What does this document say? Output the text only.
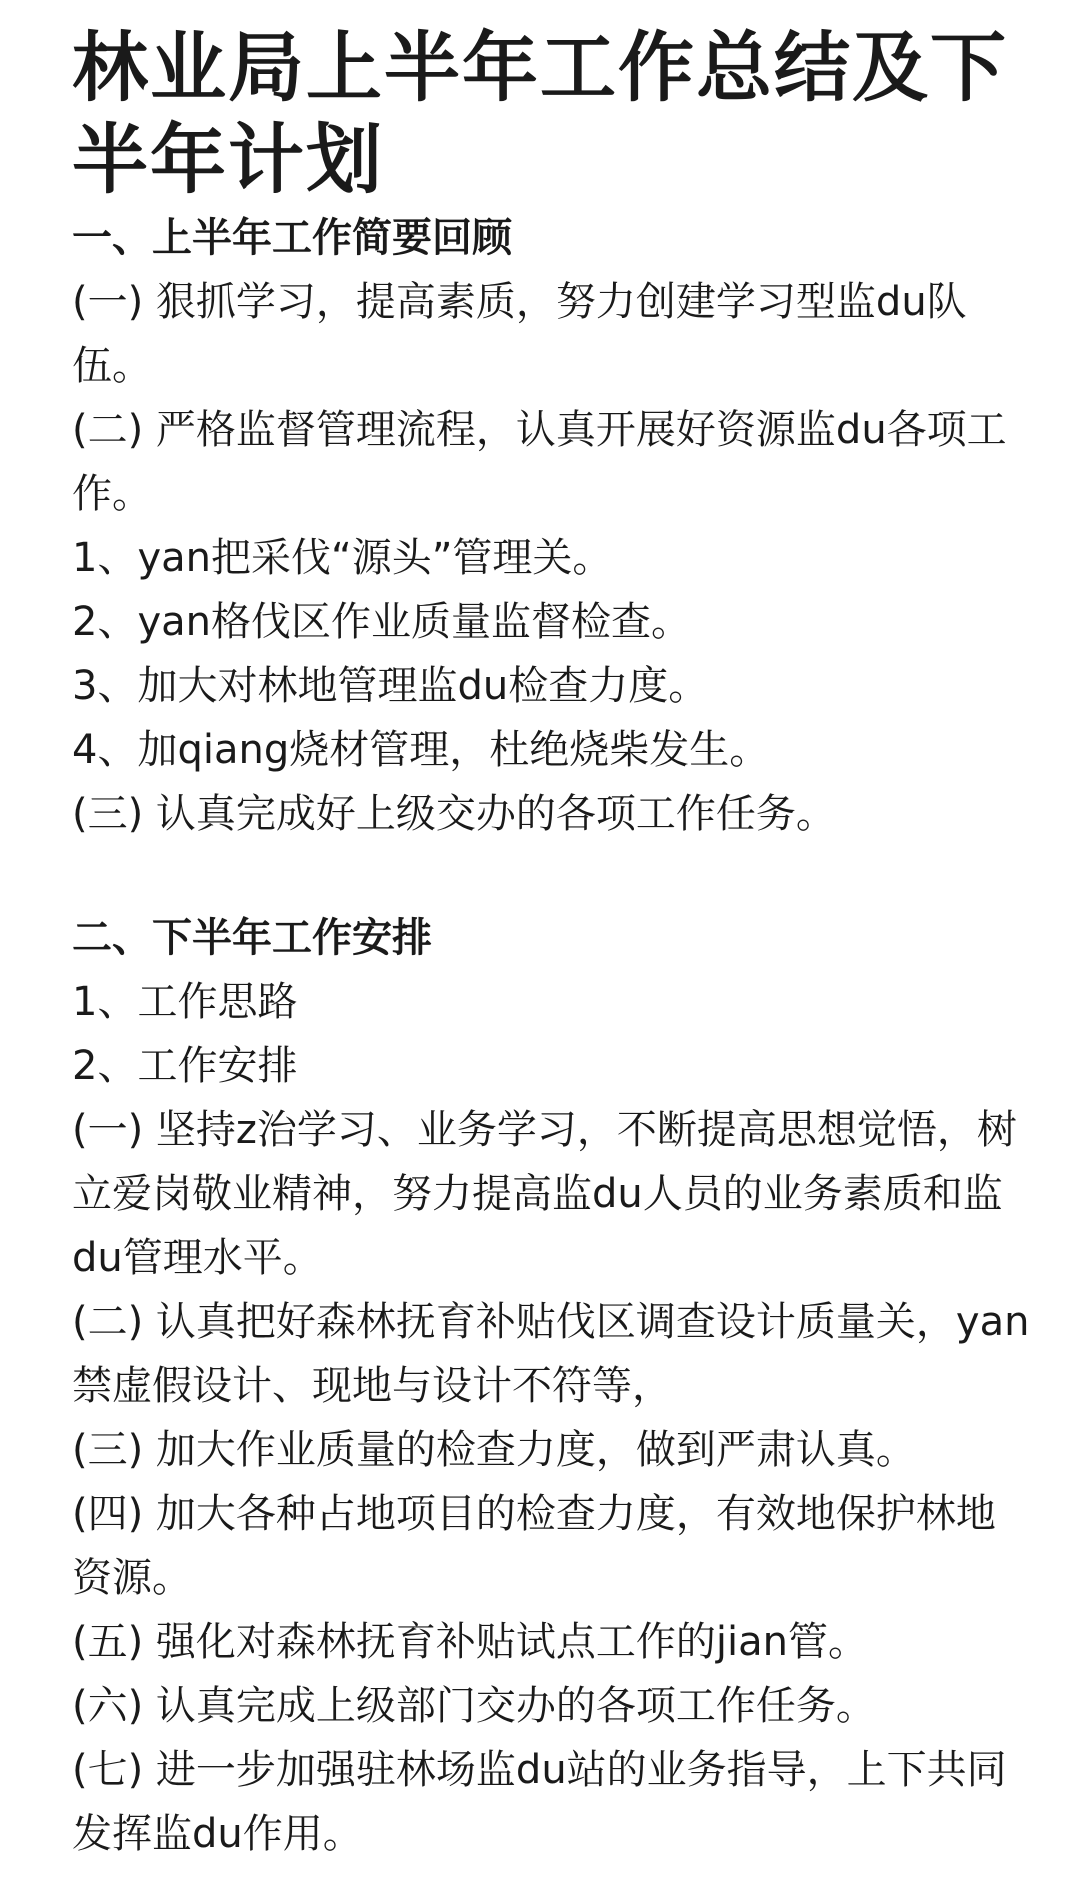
林业局上半年工作总结及下半年计划

一、上半年工作简要回顾

(一) 狠抓学习，提高素质，努力创建学习型监du队伍。

(二) 严格监督管理流程，认真开展好资源监du各项工作。

1、yan把采伐“源头”管理关。

2、yan格伐区作业质量监督检查。

3、加大对林地管理监du检查力度。

4、加qiang烧材管理，杜绝烧柴发生。

(三) 认真完成好上级交办的各项工作任务。

二、下半年工作安排

1、工作思路

2、工作安排

(一) 坚持z治学习、业务学习，不断提高思想觉悟，树立爱岗敬业精神，努力提高监du人员的业务素质和监du管理水平。

(二) 认真把好森林抚育补贴伐区调查设计质量关，yan禁虚假设计、现地与设计不符等，

(三) 加大作业质量的检查力度，做到严肃认真。

(四) 加大各种占地项目的检查力度，有效地保护林地资源。

(五) 强化对森林抚育补贴试点工作的jian管。

(六) 认真完成上级部门交办的各项工作任务。

(七) 进一步加强驻林场监du站的业务指导，上下共同发挥监du作用。
